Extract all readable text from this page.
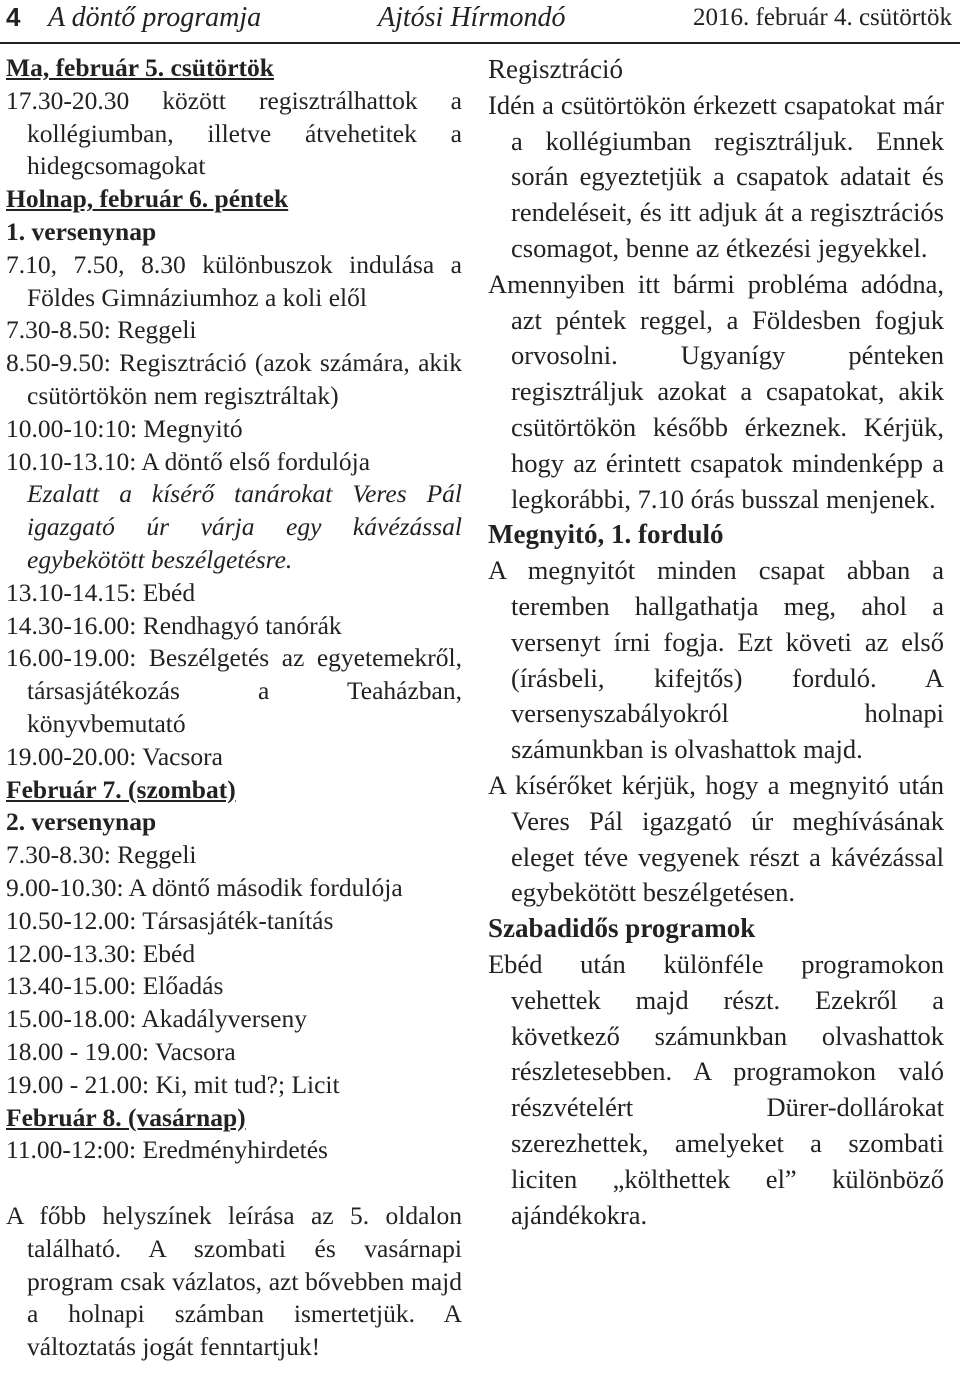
4 A döntő programja	Ajtósi Hírmondó	2016. február 4. csütörtök
Ma, február 5. csütörtök
17.30-20.30 között regisztrálhattok a kollégiumban, illetve átvehetitek a hidegcsomagokat
Holnap, február 6. péntek
1. versenynap
7.10, 7.50, 8.30 különbuszok indulása a Földes Gimnáziumhoz a koli elől
7.30-8.50: Reggeli
8.50-9.50: Regisztráció (azok számára, akik csütörtökön nem regisztráltak)
10.00-10:10: Megnyitó
10.10-13.10: A döntő első fordulója
Ezalatt a kísérő tanárokat Veres Pál igazgató úr várja egy kávézással egybekötött beszélgetésre.
13.10-14.15: Ebéd
14.30-16.00: Rendhagyó tanórák
16.00-19.00: Beszélgetés az egyetemekről, társasjátékozás a Teaházban, könyvbemutató
19.00-20.00: Vacsora
Február 7. (szombat)
2. versenynap
7.30-8.30: Reggeli
9.00-10.30: A döntő második fordulója
10.50-12.00: Társasjáték-tanítás
12.00-13.30: Ebéd
13.40-15.00: Előadás
15.00-18.00: Akadályverseny
18.00 - 19.00: Vacsora
19.00 - 21.00: Ki, mit tud?; Licit
Február 8. (vasárnap)
11.00-12:00: Eredményhirdetés
A főbb helyszínek leírása az 5. oldalon található. A szombati és vasárnapi program csak vázlatos, azt bővebben majd a holnapi számban ismertetjük. A változtatás jogát fenntartjuk!
Regisztráció
Idén a csütörtökön érkezett csapatokat már a kollégiumban regisztráljuk. Ennek során egyeztetjük a csapatok adatait és rendeléseit, és itt adjuk át a regisztrációs csomagot, benne az étkezési jegyekkel.
Amennyiben itt bármi probléma adódna, azt péntek reggel, a Földesben fogjuk orvosolni. Ugyanígy pénteken regisztráljuk azokat a csapatokat, akik csütörtökön később érkeznek. Kérjük, hogy az érintett csapatok mindenképp a legkorábbi, 7.10 órás busszal menjenek.
Megnyitó, 1. forduló
A megnyitót minden csapat abban a teremben hallgathatja meg, ahol a versenyt írni fogja. Ezt követi az első (írásbeli, kifejtős) forduló. A versenyszabályokról holnapi számunkban is olvashattok majd.
A kísérőket kérjük, hogy a megnyitó után Veres Pál igazgató úr meghívásának eleget téve vegyenek részt a kávézással egybekötött beszélgetésen.
Szabadidős programok
Ebéd után különféle programokon vehettek majd részt. Ezekről a következő számunkban olvashattok részletesebben. A programokon való részvételért Dürer-dollárokat szerezhettek, amelyeket a szombati liciten „költhettek el” különböző ajándékokra.
